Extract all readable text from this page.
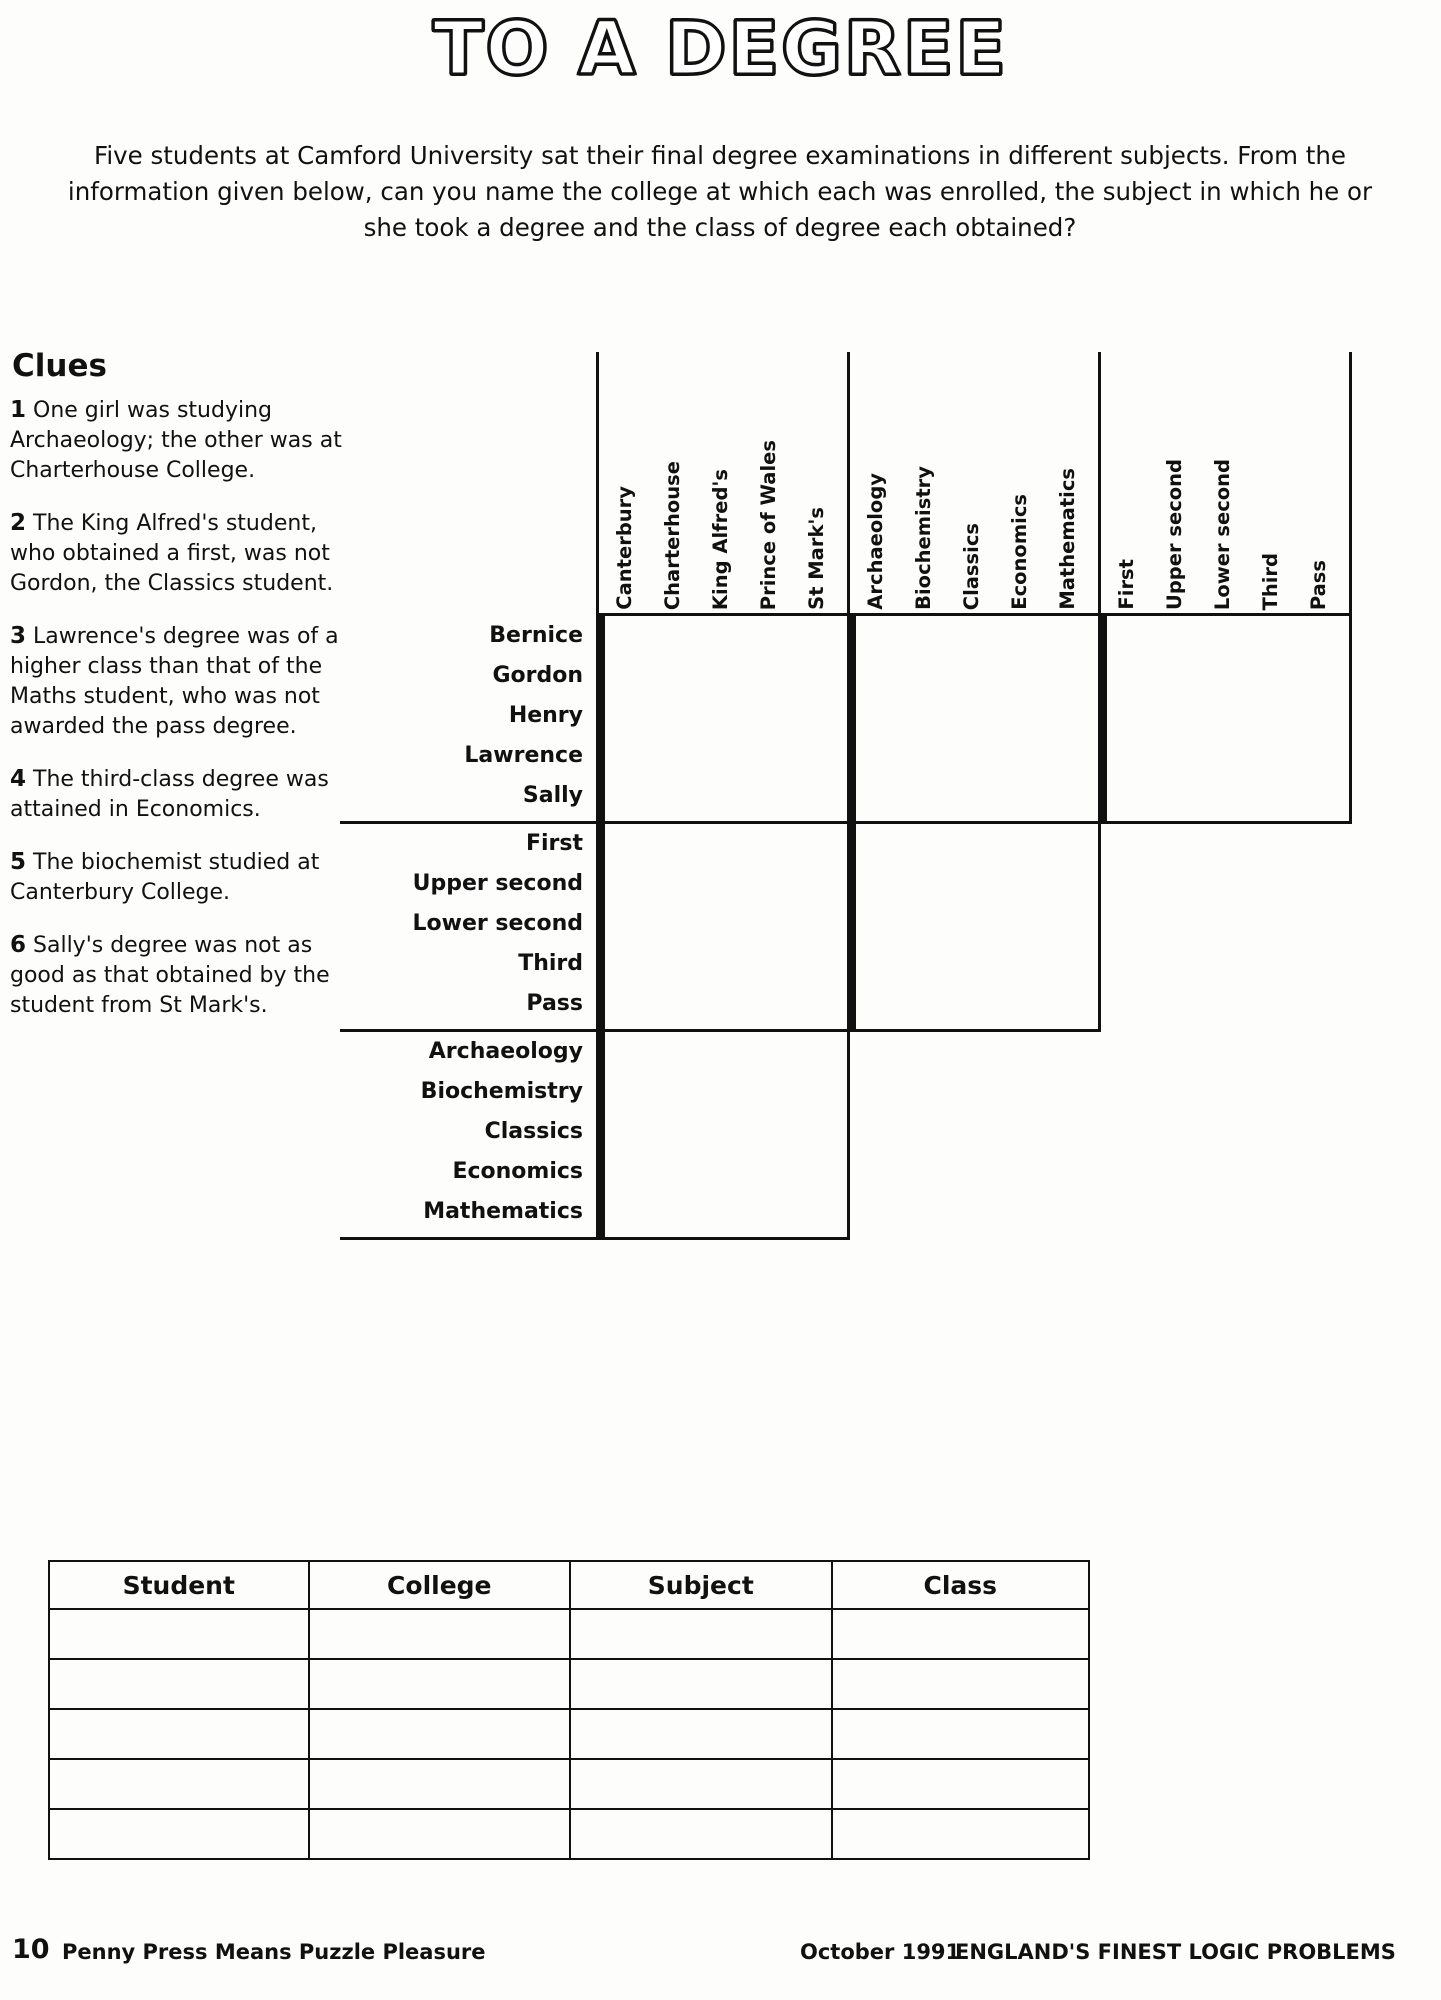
TO A DEGREE
Five students at Camford University sat their final degree examinations in different subjects. From the information given below, can you name the college at which each was enrolled, the subject in which he or she took a degree and the class of degree each obtained?
Clues
1 One girl was studying Archaeology; the other was at Charterhouse College.
2 The King Alfred's student, who obtained a first, was not Gordon, the Classics student.
3 Lawrence's degree was of a higher class than that of the Maths student, who was not awarded the pass degree.
4 The third-class degree was attained in Economics.
5 The biochemist studied at Canterbury College.
6 Sally's degree was not as good as that obtained by the student from St Mark's.
Canterbury	Charterhouse	King Alfred's	Prince of Wales	St Mark's	Archaeology	Biochemistry	Classics	Economics	Mathematics	First	Upper second	Lower second	Third	Pass
Bernice
Gordon
Henry
Lawrence
Sally

First
Upper second
Lower second
Third
Pass

Archaeology
Biochemistry
Classics
Economics
Mathematics

Student	College	Subject	Class

10 Penny Press Means Puzzle Pleasure	October 1991
ENGLAND'S FINEST LOGIC PROBLEMS
